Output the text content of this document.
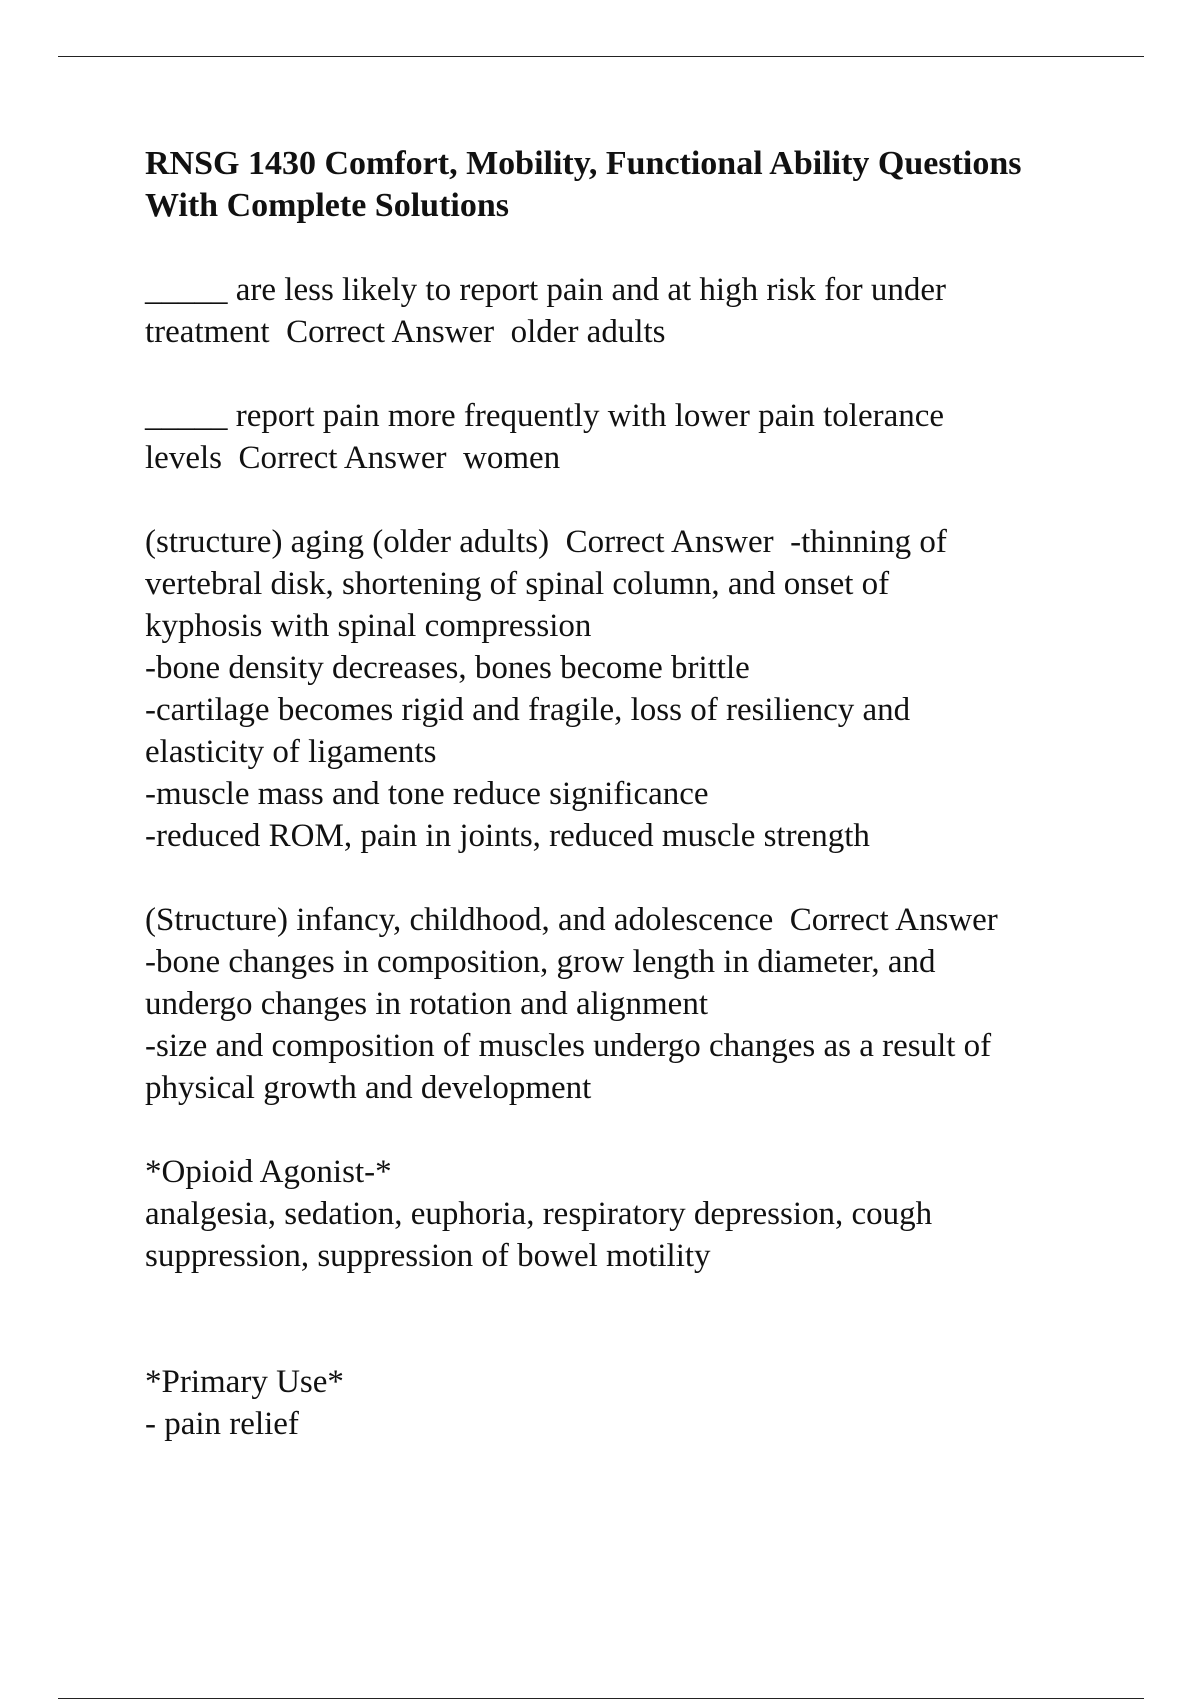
RNSG 1430 Comfort, Mobility, Functional Ability Questions
With Complete Solutions
_____ are less likely to report pain and at high risk for under
treatment  Correct Answer  older adults
_____ report pain more frequently with lower pain tolerance
levels  Correct Answer  women
(structure) aging (older adults)  Correct Answer  -thinning of
vertebral disk, shortening of spinal column, and onset of
kyphosis with spinal compression
-bone density decreases, bones become brittle
-cartilage becomes rigid and fragile, loss of resiliency and
elasticity of ligaments
-muscle mass and tone reduce significance
-reduced ROM, pain in joints, reduced muscle strength
(Structure) infancy, childhood, and adolescence  Correct Answer
-bone changes in composition, grow length in diameter, and
undergo changes in rotation and alignment
-size and composition of muscles undergo changes as a result of
physical growth and development
*Opioid Agonist-*
analgesia, sedation, euphoria, respiratory depression, cough
suppression, suppression of bowel motility
*Primary Use*
- pain relief
